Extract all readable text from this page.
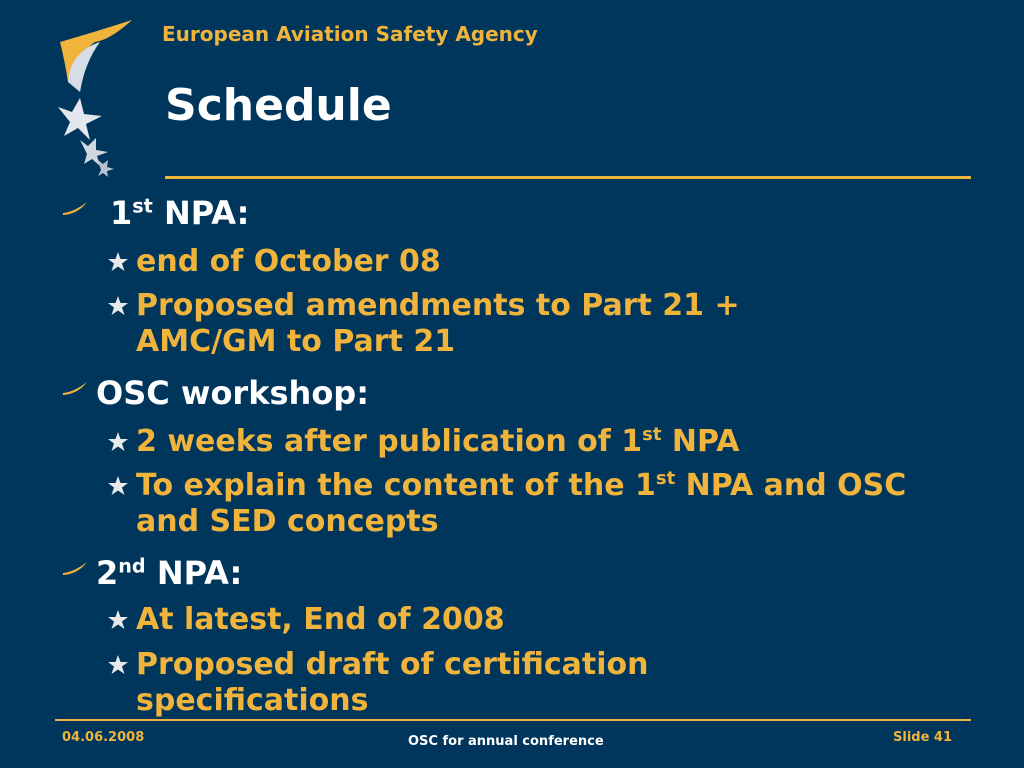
European Aviation Safety Agency
Schedule
1st NPA:
end of October 08
Proposed amendments to Part 21 + AMC/GM to Part 21
OSC workshop:
2 weeks after publication of 1st NPA
To explain the content of the 1st NPA and OSC and SED concepts
2nd NPA:
At latest, End of 2008
Proposed draft of certification specifications
04.06.2008	OSC for annual conference	Slide 41
